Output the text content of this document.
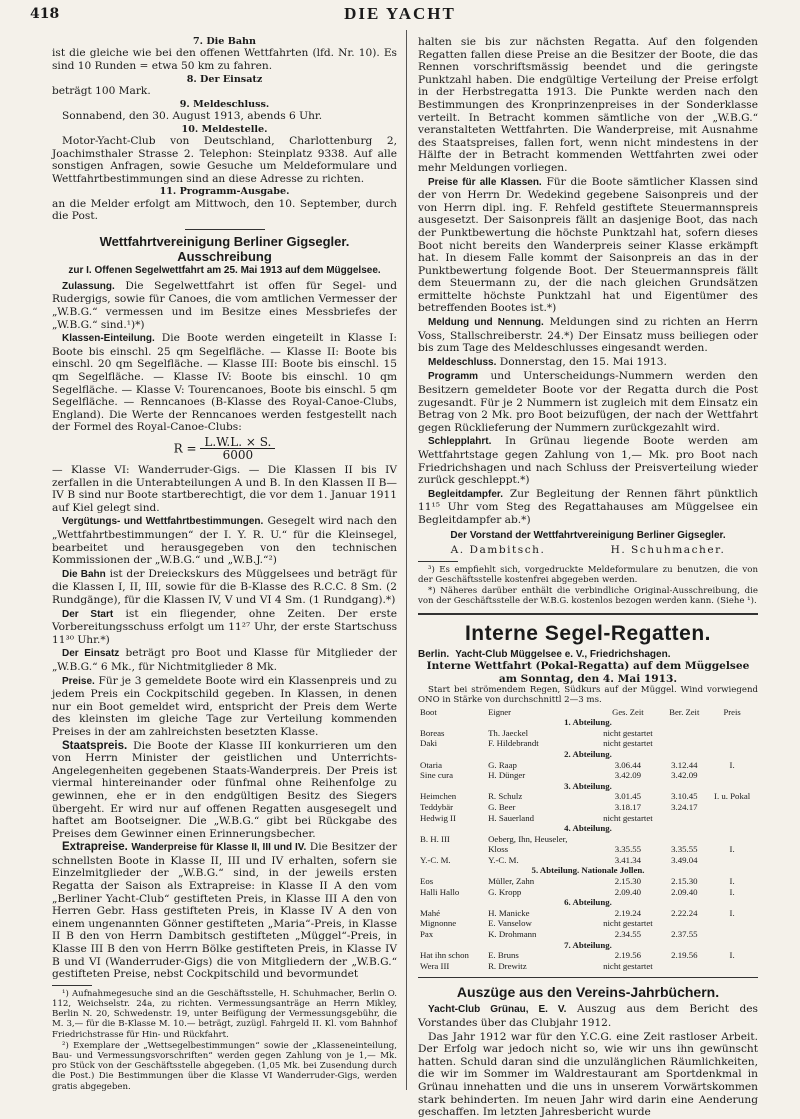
418	DIE YACHT
7. Die Bahn

ist die gleiche wie bei den offenen Wettfahrten (lfd. Nr. 10). Es sind 10 Runden = etwa 50 km zu fahren.

8. Der Einsatz

beträgt 100 Mark.

9. Meldeschluss.

Sonnabend, den 30. August 1913, abends 6 Uhr.

10. Meldestelle.

Motor-Yacht-Club von Deutschland, Charlottenburg 2, Joachimsthaler Strasse 2. Telephon: Steinplatz 9338. Auf alle sonstigen Anfragen, sowie Gesuche um Meldeformulare und Wettfahrtbestimmungen sind an diese Adresse zu richten.

11. Programm-Ausgabe.

an die Melder erfolgt am Mittwoch, den 10. September, durch die Post.

Wettfahrtvereinigung Berliner Gigsegler.
Ausschreibung
zur I. Offenen Segelwettfahrt am 25. Mai 1913 auf dem Müggelsee.

Zulassung. Die Segelwettfahrt ist offen für Segel- und Rudergigs, sowie für Canoes, die vom amtlichen Vermesser der „W.B.G.“ vermessen und im Besitze eines Messbriefes der „W.B.G.“ sind.¹)*)

Klassen-Einteilung. Die Boote werden eingeteilt in Klasse I: Boote bis einschl. 25 qm Segelfläche. — Klasse II: Boote bis einschl. 20 qm Segelfläche. — Klasse III: Boote bis einschl. 15 qm Segelfläche. — Klasse IV: Boote bis einschl. 10 qm Segelfläche. — Klasse V: Tourencanoes, Boote bis einschl. 5 qm Segelfläche. — Renncanoes (B-Klasse des Royal-Canoe-Clubs, England). Die Werte der Renncanoes werden festgestellt nach der Formel des Royal-Canoe-Clubs:

$R = \frac{L.W.L. \times S.}{6000}$

— Klasse VI: Wanderruder-Gigs. — Die Klassen II bis IV zerfallen in die Unterabteilungen A und B. In den Klassen II B—IV B sind nur Boote startberechtigt, die vor dem 1. Januar 1911 auf Kiel gelegt sind.

Vergütungs- und Wettfahrtbestimmungen. Gesegelt wird nach den „Wettfahrtbestimmungen“ der I. Y. R. U.“ für die Kleinsegel, bearbeitet und herausgegeben von den technischen Kommissionen der „W.B.G.“ und „W.B.J.“²)

Die Bahn ist der Dreieckskurs des Müggelsees und beträgt für die Klassen I, II, III, sowie für die B-Klasse des R.C.C. 8 Sm. (2 Rundgänge), für die Klassen IV, V und VI 4 Sm. (1 Rundgang).*)

Der Start ist ein fliegender, ohne Zeiten. Der erste Vorbereitungsschuss erfolgt um 11²⁷ Uhr, der erste Startschuss 11³⁰ Uhr.*)

Der Einsatz beträgt pro Boot und Klasse für Mitglieder der „W.B.G.“ 6 Mk., für Nichtmitglieder 8 Mk.

Preise. Für je 3 gemeldete Boote wird ein Klassenpreis und zu jedem Preis ein Cockpitschild gegeben. In Klassen, in denen nur ein Boot gemeldet wird, entspricht der Preis dem Werte des kleinsten im gleiche Tage zur Verteilung kommenden Preises in der am zahlreichsten besetzten Klasse.

Staatspreis. Die Boote der Klasse III konkurrieren um den von Herrn Minister der geistlichen und Unterrichts-Angelegenheiten gegebenen Staats-Wanderpreis. Der Preis ist viermal hintereinander oder fünfmal ohne Reihenfolge zu gewinnen, ehe er in den endgültigen Besitz des Siegers übergeht. Er wird nur auf offenen Regatten ausgesegelt und haftet am Bootseigner. Die „W.B.G.“ gibt bei Rückgabe des Preises dem Gewinner einen Erinnerungsbecher.

Extrapreise. Wanderpreise für Klasse II, III und IV. Die Besitzer der schnellsten Boote in Klasse II, III und IV erhalten, sofern sie Einzelmitglieder der „W.B.G.“ sind, in der jeweils ersten Regatta der Saison als Extrapreise: in Klasse II A den vom „Berliner Yacht-Club“ gestifteten Preis, in Klasse III A den von Herren Gebr. Hass gestifteten Preis, in Klasse IV A den von einem ungenannten Gönner gestifteten „Maria“-Preis, in Klasse II B den von Herrn Dambitsch gestifteten „Müggel“-Preis, in Klasse III B den von Herrn Bölke gestifteten Preis, in Klasse IV B und VI (Wanderruder-Gigs) die von Mitgliedern der „W.B.G.“ gestifteten Preise, nebst Cockpitschild und bevormundet

¹) Aufnahmegesuche sind an die Geschäftsstelle, H. Schuhmacher, Berlin O. 112, Weichselstr. 24a, zu richten. Vermessungsanträge an Herrn Mikley, Berlin N. 20, Schwedenstr. 19, unter Beifügung der Vermessungsgebühr, die M. 3,— für die B-Klasse M. 10.— beträgt, zuzügl. Fahrgeld II. Kl. vom Bahnhof Friedrichstrasse für Hin- und Rückfahrt.

²) Exemplare der „Wettsegelbestimmungen“ sowie der „Klasseneinteilung, Bau- und Vermessungsvorschriften“ werden gegen Zahlung von je 1,— Mk. pro Stück von der Geschäftsstelle abgegeben. (1,05 Mk. bei Zusendung durch die Post.) Die Bestimmungen über die Klasse VI Wanderruder-Gigs, werden gratis abgegeben.

halten sie bis zur nächsten Regatta. Auf den folgenden Regatten fallen diese Preise an die Besitzer der Boote, die das Rennen vorschriftsmässig beendet und die geringste Punktzahl haben. Die endgültige Verteilung der Preise erfolgt in der Herbstregatta 1913. Die Punkte werden nach den Bestimmungen des Kronprinzenpreises in der Sonderklasse verteilt. In Betracht kommen sämtliche von der „W.B.G.“ veranstalteten Wettfahrten. Die Wanderpreise, mit Ausnahme des Staatspreises, fallen fort, wenn nicht mindestens in der Hälfte der in Betracht kommenden Wettfahrten zwei oder mehr Meldungen vorliegen.

Preise für alle Klassen. Für die Boote sämtlicher Klassen sind der von Herrn Dr. Wedekind gegebene Saisonpreis und der von Herrn dipl. ing. F. Rehfeld gestiftete Steuermannspreis ausgesetzt. Der Saisonpreis fällt an dasjenige Boot, das nach der Punktbewertung die höchste Punktzahl hat, sofern dieses Boot nicht bereits den Wanderpreis seiner Klasse erkämpft hat. In diesem Falle kommt der Saisonpreis an das in der Punktbewertung folgende Boot. Der Steuermannspreis fällt dem Steuermann zu, der die nach gleichen Grundsätzen ermittelte höchste Punktzahl hat und Eigentümer des betreffenden Bootes ist.*)

Meldung und Nennung. Meldungen sind zu richten an Herrn Voss, Stallschreiberstr. 24.*) Der Einsatz muss beiliegen oder bis zum Tage des Meldeschlusses eingesandt werden.

Meldeschluss. Donnerstag, den 15. Mai 1913.

Programm und Unterscheidungs-Nummern werden den Besitzern gemeldeter Boote vor der Regatta durch die Post zugesandt. Für je 2 Nummern ist zugleich mit dem Einsatz ein Betrag von 2 Mk. pro Boot beizufügen, der nach der Wettfahrt gegen Rücklieferung der Nummern zurückgezahlt wird.

Schlepplahrt. In Grünau liegende Boote werden am Wettfahrtstage gegen Zahlung von 1,— Mk. pro Boot nach Friedrichshagen und nach Schluss der Preisverteilung wieder zurück geschleppt.*)

Begleitdampfer. Zur Begleitung der Rennen fährt pünktlich 11¹⁵ Uhr vom Steg des Regattahauses am Müggelsee ein Begleitdampfer ab.*)

Der Vorstand der Wettfahrtvereinigung Berliner Gigsegler.
A. Dambitsch.	H. Schuhmacher.

³) Es empfiehlt sich, vorgedruckte Meldeformulare zu benutzen, die von der Geschäftsstelle kostenfrei abgegeben werden.

*) Näheres darüber enthält die verbindliche Original-Ausschreibung, die von der Geschäftsstelle der W.B.G. kostenlos bezogen werden kann. (Siehe ¹).

Interne Segel-Regatten.
Berlin. Yacht-Club Müggelsee e. V., Friedrichshagen.
Interne Wettfahrt (Pokal-Regatta) auf dem Müggelsee
am Sonntag, den 4. Mai 1913.

Start bei strömendem Regen, Südkurs auf der Müggel. Wind vorwiegend ONO in Stärke von durchschnittl 2—3 ms.

Boot	Eigner	Ges. Zeit	Ber. Zeit	Preis
1. Abteilung.				
Boreas	Th. Jaeckel	nicht gestartet		
Daki	F. Hildebrandt	nicht gestartet		
2. Abteilung.				
Otaria	G. Raap	3.06.44	3.12.44	I.
Sine cura	H. Dünger	3.42.09	3.42.09	
3. Abteilung.				
Heimchen	R. Schulz	3.01.45	3.10.45	I. u. Pokal
Teddybär	G. Beer	3.18.17	3.24.17	
Hedwig II	H. Sauerland	nicht gestartet		
4. Abteilung.				
B. H. III	Oeberg, Ihn, Heuseler,			
	Kloss	3.35.55	3.35.55	I.
Y.-C. M.	Y.-C. M.	3.41.34	3.49.04	
5. Abteilung. Nationale Jollen.				
Eos	Müller, Zahn	2.15.30	2.15.30	I.
Halli Hallo	G. Kropp	2.09.40	2.09.40	I.
6. Abteilung.				
Mahé	H. Manicke	2.19.24	2.22.24	I.
Mignonne	E. Vanselow	nicht gestartet		
Pax	K. Drohmann	2.34.55	2.37.55	
7. Abteilung.				
Hat ihn schon	E. Bruns	2.19.56	2.19.56	I.
Wera III	R. Drewitz	nicht gestartet		
Auszüge aus den Vereins-Jahrbüchern.

Yacht-Club Grünau, E. V. Auszug aus dem Bericht des Vorstandes über das Clubjahr 1912.

Das Jahr 1912 war für den Y.C.G. eine Zeit rastloser Arbeit. Der Erfolg war jedoch nicht so, wie wir uns ihn gewünscht hatten. Schuld daran sind die unzulänglichen Räumlichkeiten, die wir im Sommer im Waldrestaurant am Sportdenkmal in Grünau innehatten und die uns in unserem Vorwärtskommen stark behinderten. Im neuen Jahr wird darin eine Aenderung geschaffen. Im letzten Jahresbericht wurde
